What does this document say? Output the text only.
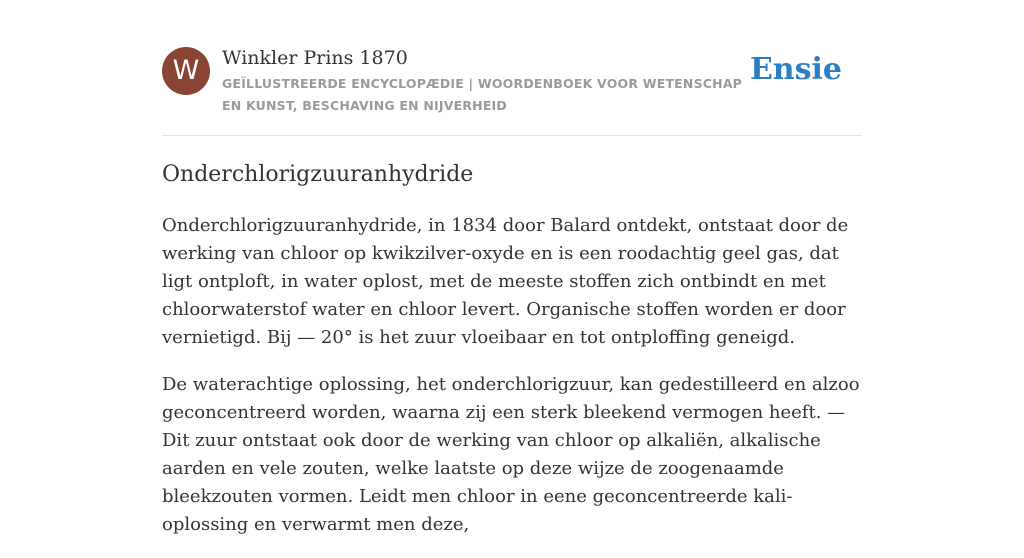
W	Winkler Prins 1870
GEÏLLUSTREERDE ENCYCLOPÆDIE | WOORDENBOEK VOOR WETENSCHAP EN KUNST, BESCHAVING EN NIJVERHEID
Ensie
Onderchlorigzuuranhydride

Onderchlorigzuuranhydride, in 1834 door Balard ontdekt, ontstaat door de werking van chloor op kwikzilver-oxyde en is een roodachtig geel gas, dat ligt ontploft, in water oplost, met de meeste stoffen zich ontbindt en met chloorwaterstof water en chloor levert. Organische stoffen worden er door vernietigd. Bij — 20° is het zuur vloeibaar en tot ontploffing geneigd.

De waterachtige oplossing, het onderchlorigzuur, kan gedestilleerd en alzoo geconcentreerd worden, waarna zij een sterk bleekend vermogen heeft. — Dit zuur ontstaat ook door de werking van chloor op alkaliën, alkalische aarden en vele zouten, welke laatste op deze wijze de zoogenaamde bleekzouten vormen. Leidt men chloor in eene geconcentreerde kali-oplossing en verwarmt men deze,
